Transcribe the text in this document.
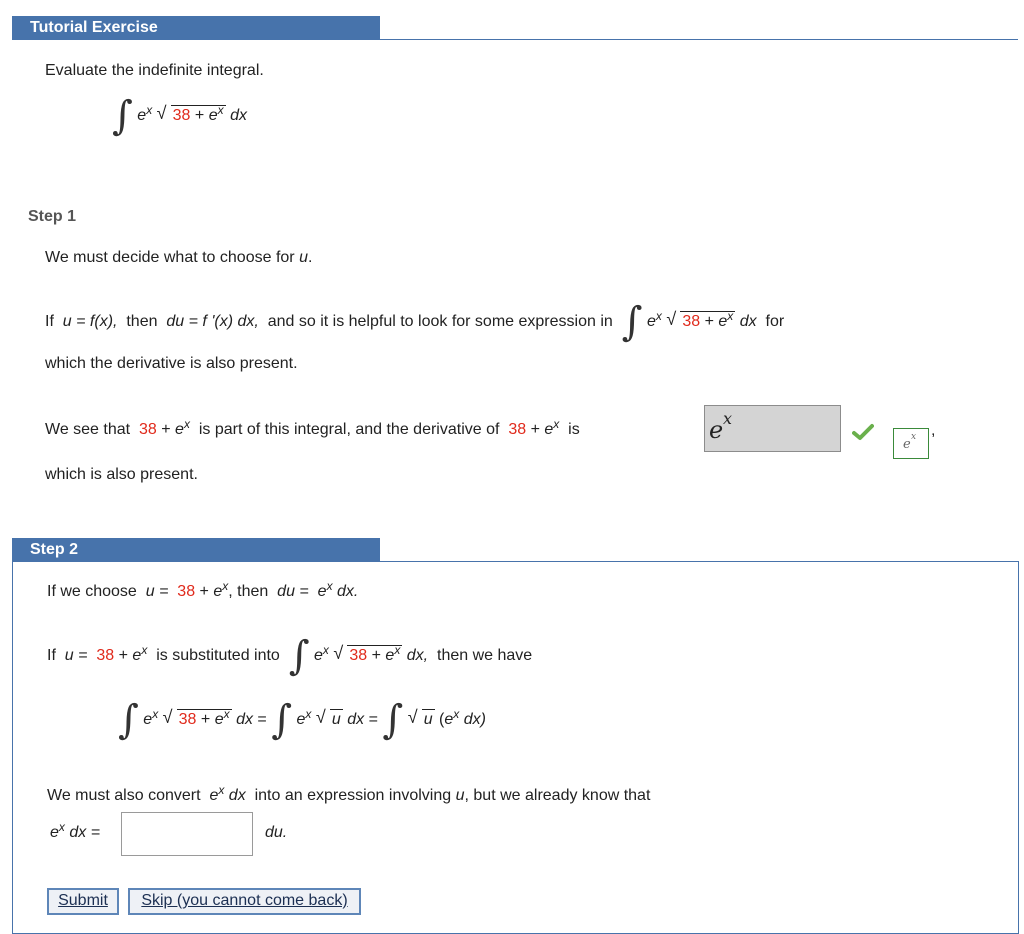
Tutorial Exercise
Evaluate the indefinite integral.
∫ $e^x$ √ $38 + e^x$ dx
Step 1
We must decide what to choose for u.
If u = f(x), then du = f '(x) dx, and so it is helpful to look for some expression in ∫ $e^x$ √ $38 + e^x$ dx for
which the derivative is also present.
We see that $38 + e^x$ is part of this integral, and the derivative of $38 + e^x$ is	e x
e x ,
which is also present.
Step 2
If we choose $u = 38 + e^x$, then du = $e^x$ dx.
If $u = 38 + e^x$ is substituted into ∫ $e^x$ √ $38 + e^x$ dx, then we have
∫ $e^x$ √ $38 + e^x$ dx = ∫ $e^x$ √ u dx = ∫ √ u ($e^x$ dx)
We must also convert $e^x$ dx into an expression involving u, but we already know that
$e^x$ dx =	du.
Submit	Skip (you cannot come back)
